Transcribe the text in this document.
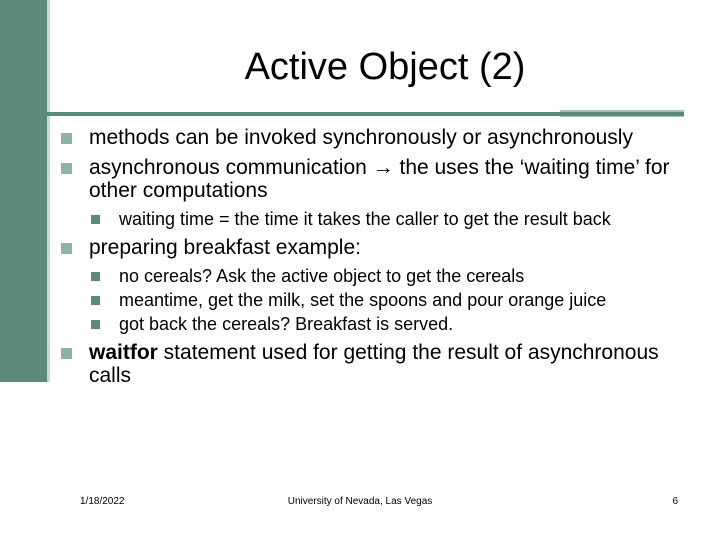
Active Object (2)
methods can be invoked synchronously or asynchronously
asynchronous communication → the uses the ‘waiting time’ for other computations
waiting time = the time it takes the caller to get the result back
preparing breakfast example:
no cereals? Ask the active object to get the cereals
meantime, get the milk, set the spoons and pour orange juice
got back the cereals? Breakfast is served.
waitfor statement used for getting the result of asynchronous calls
1/18/2022	University of Nevada, Las Vegas	6
